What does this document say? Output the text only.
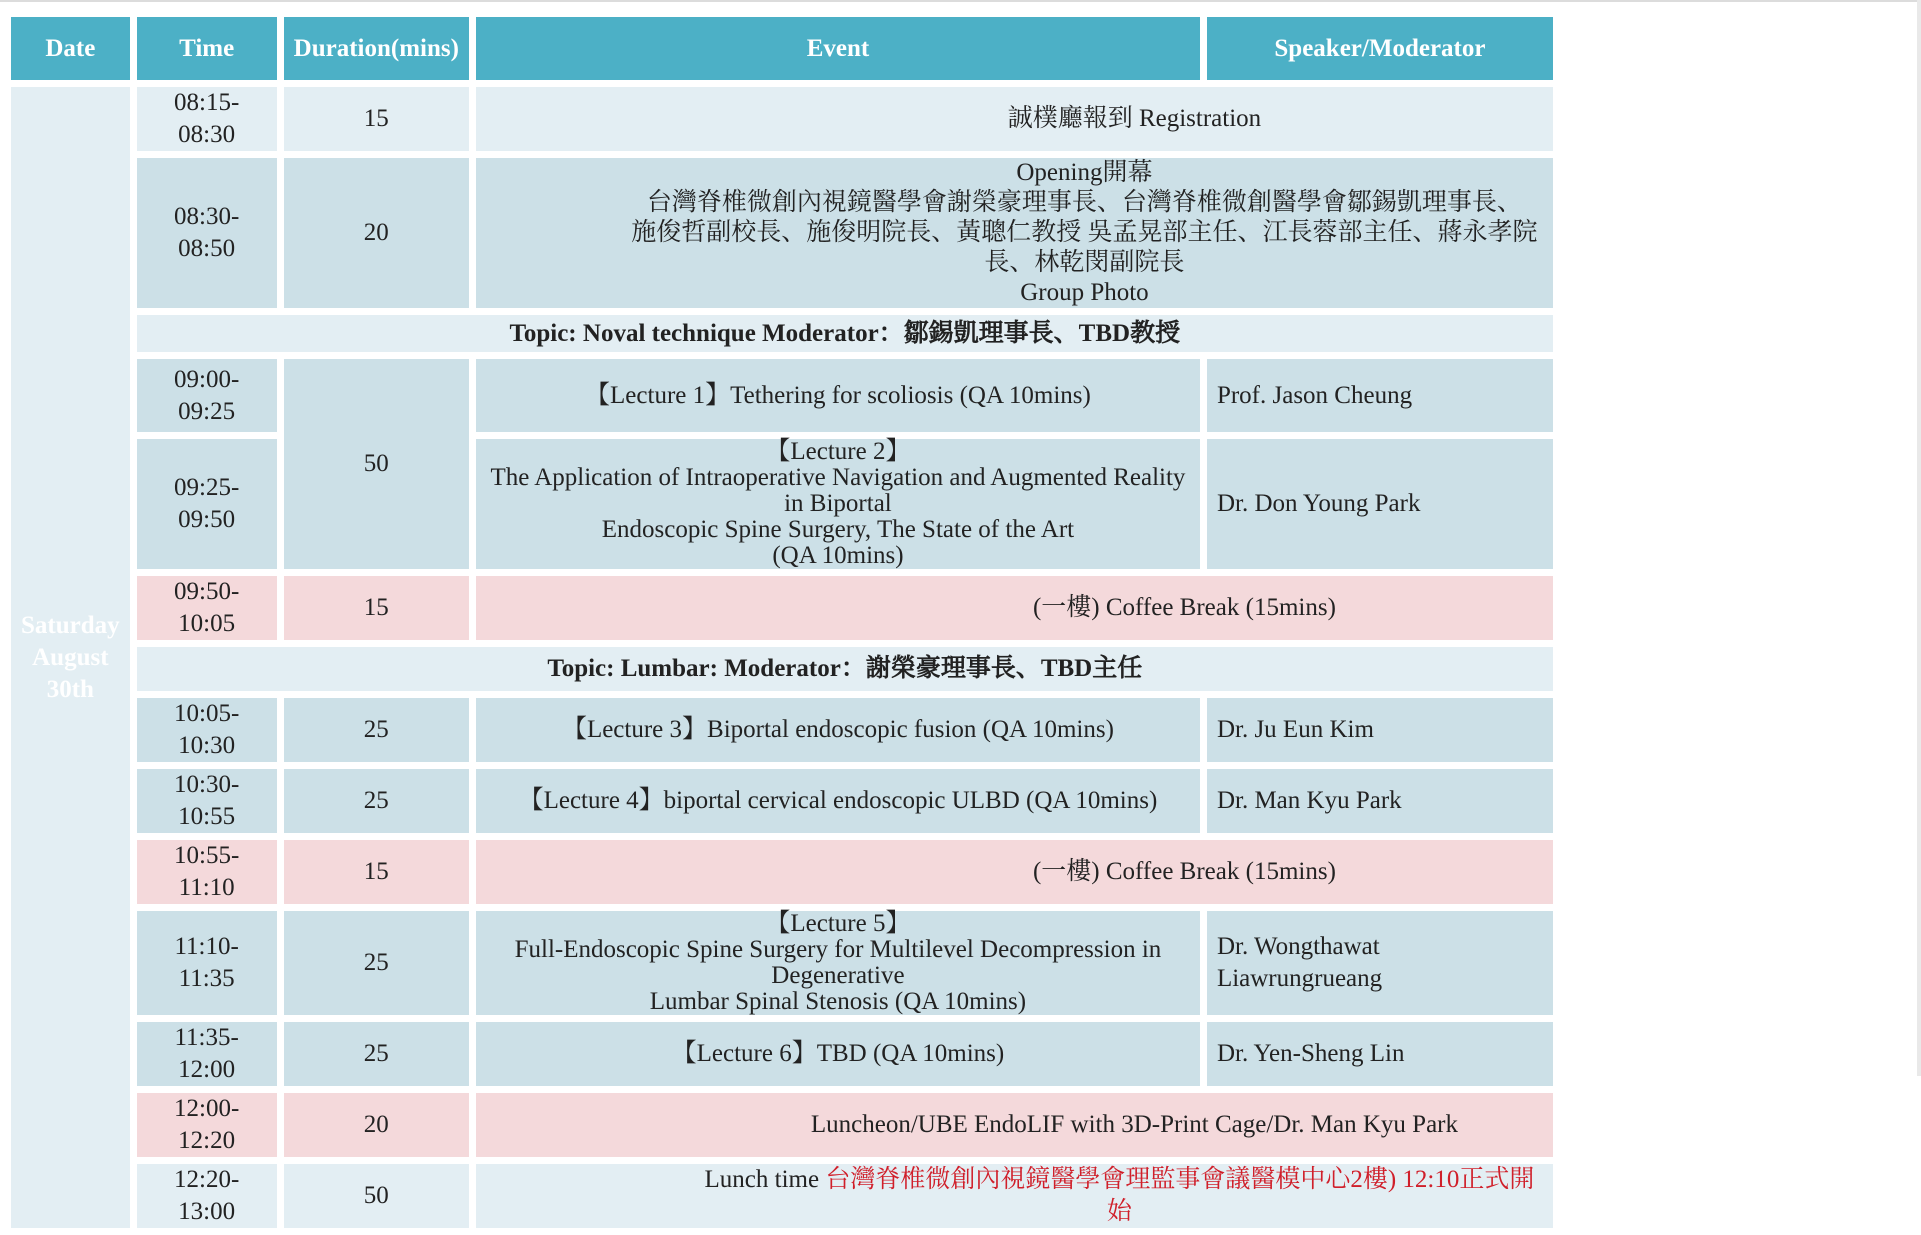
Date	Time	Duration(mins)	Event	Speaker/Moderator

Saturday
August
30th	08:15-08:30	15	誠樸廳報到 Registration	
	08:30-08:50	20	Opening開幕
台灣脊椎微創內視鏡醫學會謝榮豪理事長、台灣脊椎微創醫學會鄒錫凱理事長、
施俊哲副校長、施俊明院長、黃聰仁教授 吳孟晃部主任、江長蓉部主任、蔣永孝院長、林乾閔副院長
Group Photo	

	Topic: Noval technique Moderator：鄒錫凱理事長、TBD教授			
	09:00-09:25	50	【Lecture 1】Tethering for scoliosis (QA 10mins)	Prof. Jason Cheung
	09:25-09:50		【Lecture 2】
The Application of Intraoperative Navigation and Augmented Reality in Biportal
Endoscopic Spine Surgery, The State of the Art
(QA 10mins)	Dr. Don Young Park
	09:50-10:05	15	(一樓) Coffee Break (15mins)	
	Topic: Lumbar: Moderator：謝榮豪理事長、TBD主任			
	10:05-10:30	25	【Lecture 3】Biportal endoscopic fusion (QA 10mins)	Dr. Ju Eun Kim
	10:30-10:55	25	【Lecture 4】biportal cervical endoscopic ULBD (QA 10mins)	Dr. Man Kyu Park
	10:55-11:10	15	(一樓) Coffee Break (15mins)	
	11:10-11:35	25	【Lecture 5】
Full-Endoscopic Spine Surgery for Multilevel Decompression in Degenerative
Lumbar Spinal Stenosis (QA 10mins)	Dr. Wongthawat Liawrungrueang
	11:35-12:00	25	【Lecture 6】TBD (QA 10mins)	Dr. Yen-Sheng Lin
	12:00-12:20	20	Luncheon/UBE EndoLIF with 3D-Print Cage/Dr. Man Kyu Park	
	12:20-13:00	50	Lunch time 台灣脊椎微創內視鏡醫學會理監事會議醫模中心2樓) 12:10正式開始	
